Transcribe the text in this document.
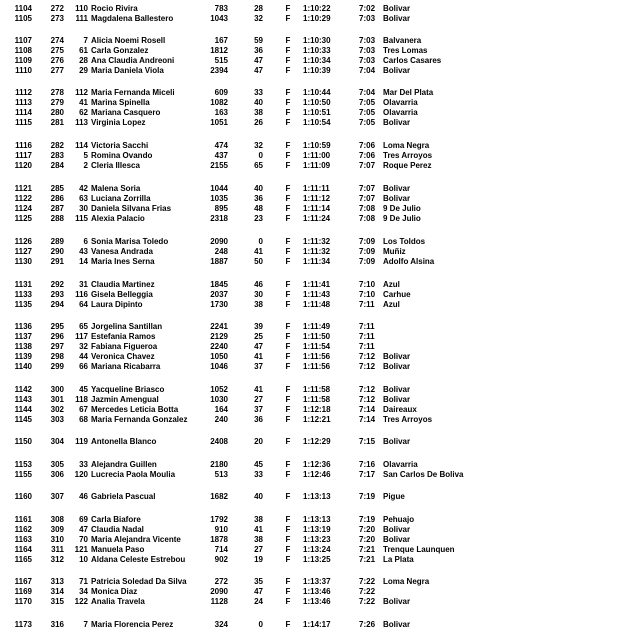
1104	272	110 Rocio Rivira	783	28	F 1:10:22	7:02 Bolivar
1105	273	111 Magdalena Ballestero	1043	32	F 1:10:29	7:03 Bolivar
1107	274	7 Alicia Noemi Rosell	167	59	F 1:10:30	7:03 Balvanera
1108	275	61 Carla Gonzalez	1812	36	F 1:10:33	7:03 Tres Lomas
1109	276	28 Ana Claudia Andreoni	515	47	F 1:10:34	7:03 Carlos Casares
1110	277	29 Maria Daniela Viola	2394	47	F 1:10:39	7:04 Bolivar
1112	278	112 Maria Fernanda Miceli	609	33	F 1:10:44	7:04 Mar Del Plata
1113	279	41 Marina Spinella	1082	40	F 1:10:50	7:05 Olavarria
1114	280	62 Mariana Casquero	163	38	F 1:10:51	7:05 Olavarria
1115	281	113 Virginia Lopez	1051	26	F 1:10:54	7:05 Bolivar
1116	282	114 Victoria Sacchi	474	32	F 1:10:59	7:06 Loma Negra
1117	283	5 Romina Ovando	437	0	F 1:11:00	7:06 Tres Arroyos
1120	284	2 Cleria Illesca	2155	65	F 1:11:09	7:07 Roque Perez
1121	285	42 Malena Soria	1044	40	F 1:11:11	7:07 Bolivar
1122	286	63 Luciana Zorrilla	1035	36	F 1:11:12	7:07 Bolivar
1124	287	30 Daniela Silvana Frias	895	48	F 1:11:14	7:08 9 De Julio
1125	288	115 Alexia Palacio	2318	23	F 1:11:24	7:08 9 De Julio
1126	289	6 Sonia Marisa Toledo	2090	0	F 1:11:32	7:09 Los Toldos
1127	290	43 Vanesa Andrada	248	41	F 1:11:32	7:09 Muñiz
1130	291	14 Maria Ines Serna	1887	50	F 1:11:34	7:09 Adolfo Alsina
1131	292	31 Claudia Martinez	1845	46	F 1:11:41	7:10 Azul
1133	293	116 Gisela Belleggia	2037	30	F 1:11:43	7:10 Carhue
1135	294	64 Laura Dipinto	1730	38	F 1:11:48	7:11 Azul
1136	295	65 Jorgelina Santillan	2241	39	F 1:11:49	7:11
1137	296	117 Estefania Ramos	2129	25	F 1:11:50	7:11
1138	297	32 Fabiana Figueroa	2240	47	F 1:11:54	7:11
1139	298	44 Veronica Chavez	1050	41	F 1:11:56	7:12 Bolivar
1140	299	66 Mariana Ricabarra	1046	37	F 1:11:56	7:12 Bolivar
1142	300	45 Yacqueline Briasco	1052	41	F 1:11:58	7:12 Bolivar
1143	301	118 Jazmin Amengual	1030	27	F 1:11:58	7:12 Bolivar
1144	302	67 Mercedes Leticia Botta	164	37	F 1:12:18	7:14 Daireaux
1145	303	68 Maria Fernanda Gonzalez	240	36	F 1:12:21	7:14 Tres Arroyos
1150	304	119 Antonella Blanco	2408	20	F 1:12:29	7:15 Bolivar
1153	305	33 Alejandra Guillen	2180	45	F 1:12:36	7:16 Olavarria
1155	306	120 Lucrecia Paola Moulia	513	33	F 1:12:46	7:17 San Carlos De Boliva
1160	307	46 Gabriela Pascual	1682	40	F 1:13:13	7:19 Pigue
1161	308	69 Carla Biafore	1792	38	F 1:13:13	7:19 Pehuajo
1162	309	47 Claudia Nadal	910	41	F 1:13:19	7:20 Bolivar
1163	310	70 Maria Alejandra Vicente	1878	38	F 1:13:23	7:20 Bolivar
1164	311	121 Manuela Paso	714	27	F 1:13:24	7:21 Trenque Launquen
1165	312	10 Aldana Celeste Estrebou	902	19	F 1:13:25	7:21 La Plata
1167	313	71 Patricia Soledad Da Silva	272	35	F 1:13:37	7:22 Loma Negra
1169	314	34 Monica Diaz	2090	47	F 1:13:46	7:22
1170	315	122 Analia Travela	1128	24	F 1:13:46	7:22 Bolivar
1173	316	7 Maria Florencia Perez	324	0	F 1:14:17	7:26 Bolivar
